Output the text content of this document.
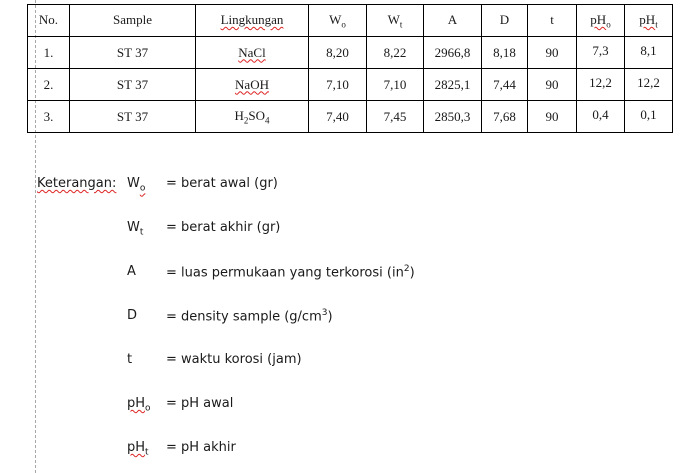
No.	Sample	Lingkungan	$W_o$	$W_t$	A	D	t	$pH_o$	$pH_t$
1.	ST 37	NaCl	8,20	8,22	2966,8	8,18	90	7,3	8,1
2.	ST 37	NaOH	7,10	7,10	2825,1	7,44	90	12,2	12,2
3.	ST 37	$H_2SO_4$	7,40	7,45	2850,3	7,68	90	0,4	0,1
Keterangan: $W_o$ = berat awal (gr)
$W_t$ = berat akhir (gr)
A = luas permukaan yang terkorosi $(in^2)$
D = density sample $(g/cm^3)$
t	= waktu korosi (jam)
$pH_o$ = pH awal
$pH_t$ = pH akhir
